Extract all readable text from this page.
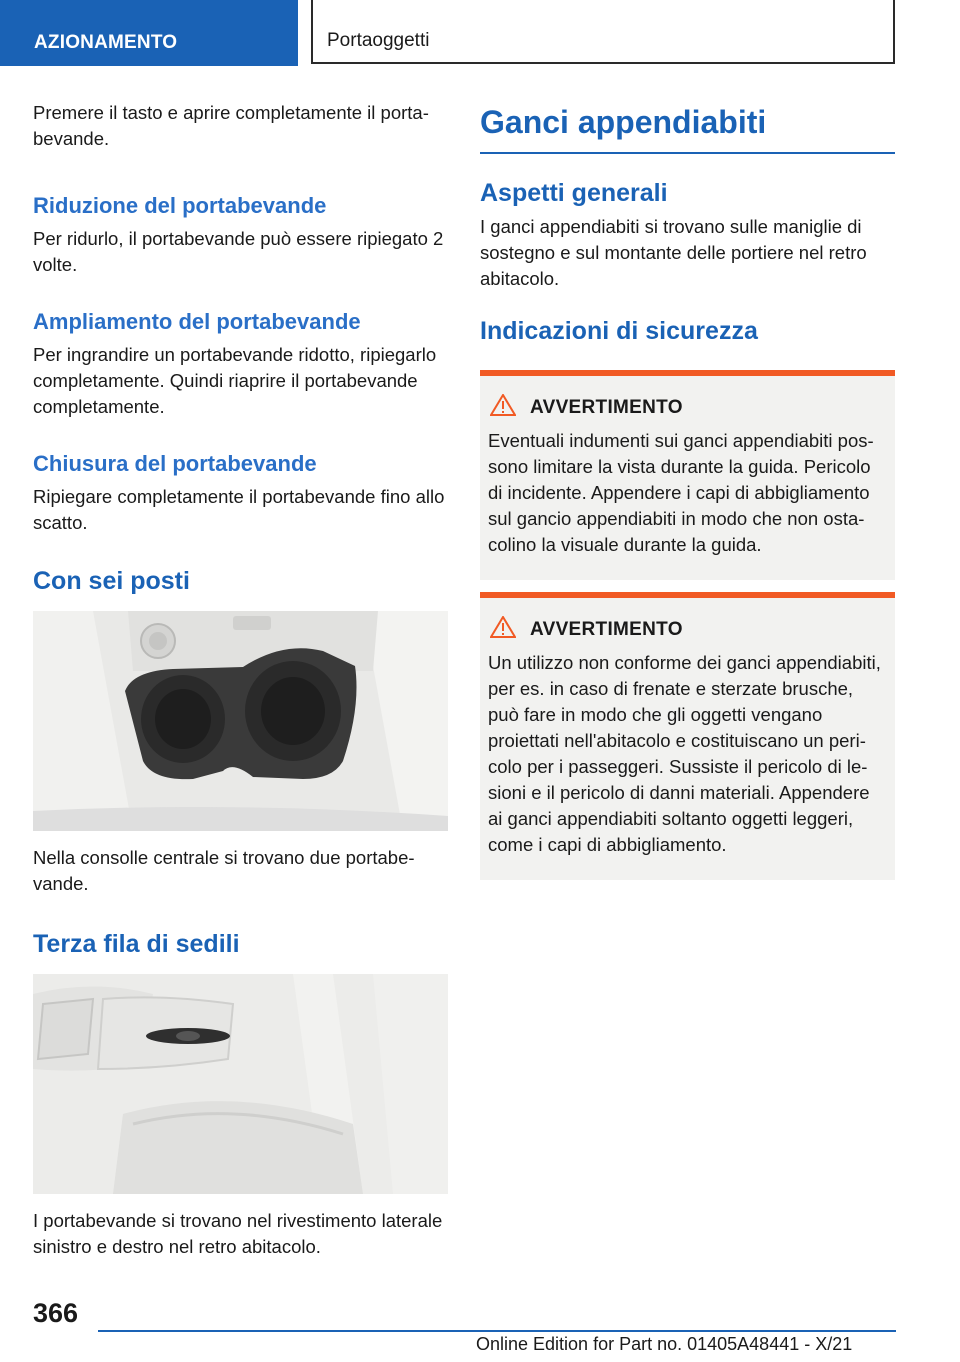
AZIONAMENTO	Portaoggetti

Premere il tasto e aprire completamente il portabevande.

Riduzione del portabevande

Per ridurlo, il portabevande può essere ripiegato 2 volte.

Ampliamento del portabevande

Per ingrandire un portabevande ridotto, ripiegarlo completamente. Quindi riaprire il portabevande completamente.

Chiusura del portabevande

Ripiegare completamente il portabevande fino allo scatto.

Con sei posti

Nella consolle centrale si trovano due portabevande.

Terza fila di sedili

I portabevande si trovano nel rivestimento laterale sinistro e destro nel retro abitacolo.

Ganci appendiabiti
Aspetti generali

I ganci appendiabiti si trovano sulle maniglie di sostegno e sul montante delle portiere nel retro abitacolo.

Indicazioni di sicurezza
AVVERTIMENTO

Eventuali indumenti sui ganci appendiabiti possono limitare la vista durante la guida. Pericolo di incidente. Appendere i capi di abbigliamento sul gancio appendiabiti in modo che non ostacolino la visuale durante la guida.

AVVERTIMENTO

Un utilizzo non conforme dei ganci appendiabiti, per es. in caso di frenate e sterzate brusche, può fare in modo che gli oggetti vengano proiettati nell'abitacolo e costituiscano un pericolo per i passeggeri. Sussiste il pericolo di lesioni e il pericolo di danni materiali. Appendere ai ganci appendiabiti soltanto oggetti leggeri, come i capi di abbigliamento.

366
Online Edition for Part no. 01405A48441 - X/21
